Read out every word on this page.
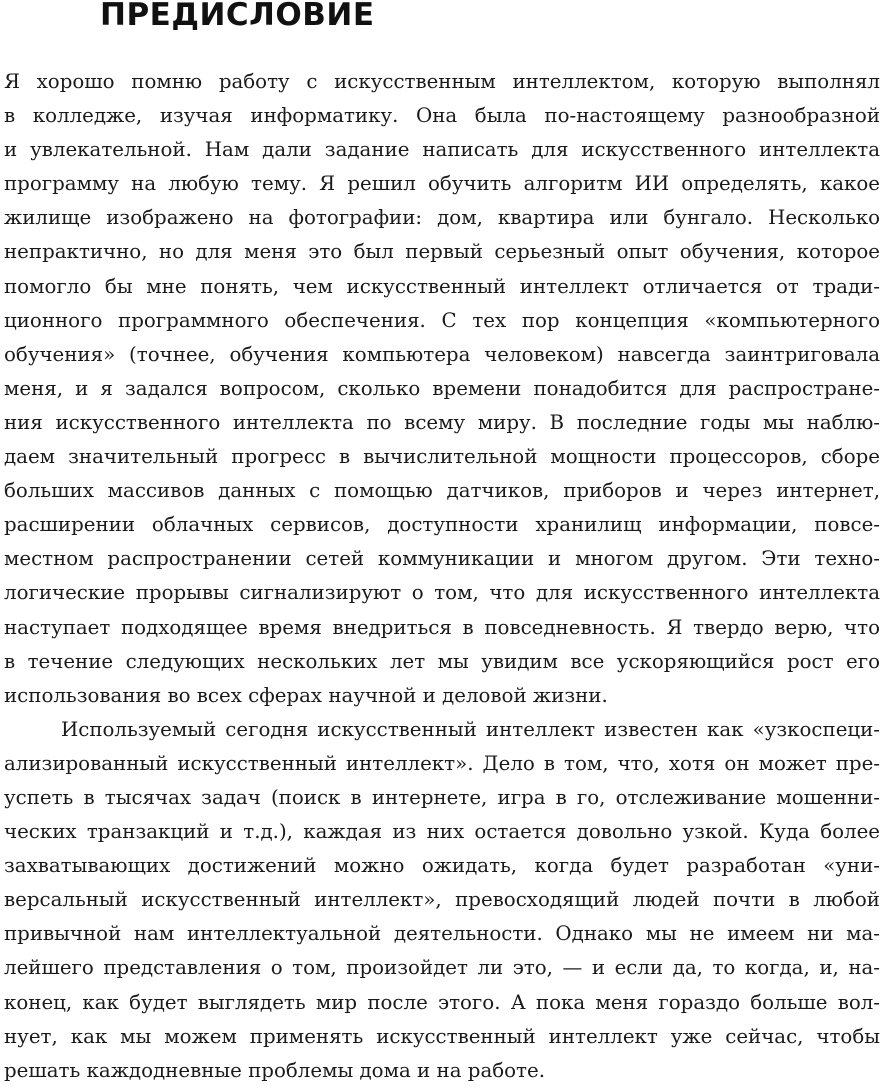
ПРЕДИСЛОВИЕ
Я хорошо помню работу с искусственным интеллектом, которую выполнял
в колледже, изучая информатику. Она была по-настоящему разнообразной
и увлекательной. Нам дали задание написать для искусственного интеллекта
программу на любую тему. Я решил обучить алгоритм ИИ определять, какое
жилище изображено на фотографии: дом, квартира или бунгало. Несколько
непрактично, но для меня это был первый серьезный опыт обучения, которое
помогло бы мне понять, чем искусственный интеллект отличается от тради-
ционного программного обеспечения. С тех пор концепция «компьютерного
обучения» (точнее, обучения компьютера человеком) навсегда заинтриговала
меня, и я задался вопросом, сколько времени понадобится для распростране-
ния искусственного интеллекта по всему миру. В последние годы мы наблю-
даем значительный прогресс в вычислительной мощности процессоров, сборе
больших массивов данных с помощью датчиков, приборов и через интернет,
расширении облачных сервисов, доступности хранилищ информации, повсе-
местном распространении сетей коммуникации и многом другом. Эти техно-
логические прорывы сигнализируют о том, что для искусственного интеллекта
наступает подходящее время внедриться в повседневность. Я твердо верю, что
в течение следующих нескольких лет мы увидим все ускоряющийся рост его
использования во всех сферах научной и деловой жизни.
Используемый сегодня искусственный интеллект известен как «узкоспеци-
ализированный искусственный интеллект». Дело в том, что, хотя он может пре-
успеть в тысячах задач (поиск в интернете, игра в го, отслеживание мошенни-
ческих транзакций и т.д.), каждая из них остается довольно узкой. Куда более
захватывающих достижений можно ожидать, когда будет разработан «уни-
версальный искусственный интеллект», превосходящий людей почти в любой
привычной нам интеллектуальной деятельности. Однако мы не имеем ни ма-
лейшего представления о том, произойдет ли это, — и если да, то когда, и, на-
конец, как будет выглядеть мир после этого. А пока меня гораздо больше вол-
нует, как мы можем применять искусственный интеллект уже сейчас, чтобы
решать каждодневные проблемы дома и на работе.
